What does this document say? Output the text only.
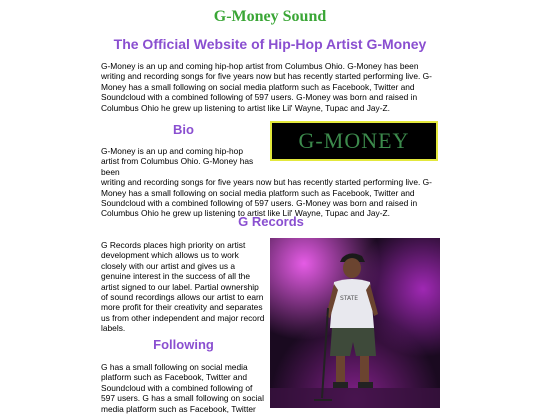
G-Money Sound
The Official Website of Hip-Hop Artist G-Money

G-Money is an up and coming hip-hop artist from Columbus Ohio. G-Money has been writing and recording songs for five years now but has recently started performing live. G-Money has a small following on social media platform such as Facebook, Twitter and Soundcloud with a combined following of 597 users. G-Money was born and raised in Columbus Ohio he grew up listening to artist like Lil' Wayne, Tupac and Jay-Z.

Bio	G-MONEY

G-Money is an up and coming hip-hop artist from Columbus Ohio. G-Money has been
writing and recording songs for five years now but has recently started performing live. G-Money has a small following on social media platform such as Facebook, Twitter and Soundcloud with a combined following of 597 users. G-Money was born and raised in Columbus Ohio he grew up listening to artist like Lil' Wayne, Tupac and Jay-Z.

G Records

G Records places high priority on artist development which allows us to work closely with our artist and gives us a genuine interest in the success of all the artist signed to our label. Partial ownership of sound recordings allows our artist to earn more profit for their creativity and separates us from other independent and major record labels.

STATE
Following

G has a small following on social media platform such as Facebook, Twitter and Soundcloud with a combined following of 597 users. G has a small following on social media platform such as Facebook, Twitter
